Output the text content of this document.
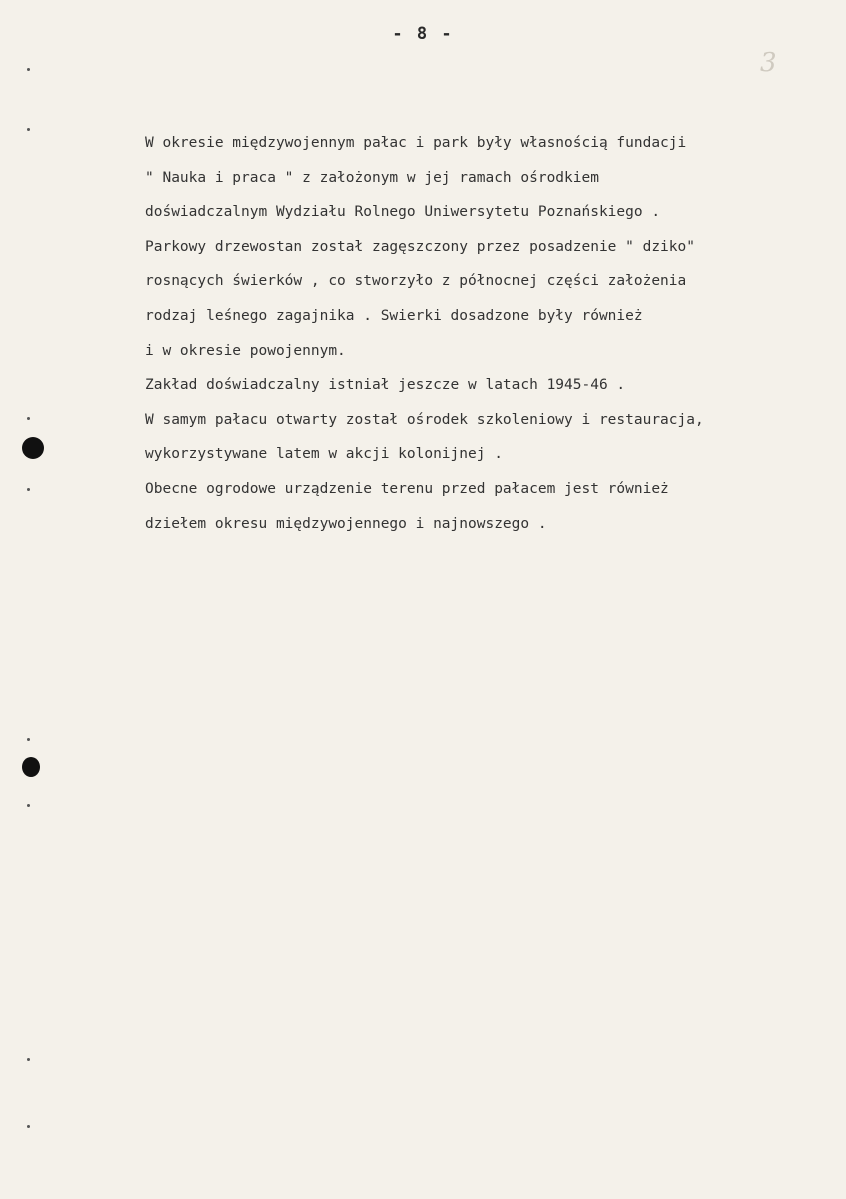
- 8 -
3
W okresie międzywojennym pałac i park były własnością fundacji
" Nauka i praca " z założonym w jej ramach ośrodkiem
doświadczalnym Wydziału Rolnego Uniwersytetu Poznańskiego .
Parkowy drzewostan został zagęszczony przez posadzenie " dziko"
rosnących świerków , co stworzyło z północnej części założenia
rodzaj leśnego zagajnika . Swierki dosadzone były również
i w okresie powojennym.
Zakład doświadczalny istniał jeszcze w latach 1945-46 .
W samym pałacu otwarty został ośrodek szkoleniowy i restauracja,
wykorzystywane latem w akcji kolonijnej .
Obecne ogrodowe urządzenie terenu przed pałacem jest również
dziełem okresu międzywojennego i najnowszego .
